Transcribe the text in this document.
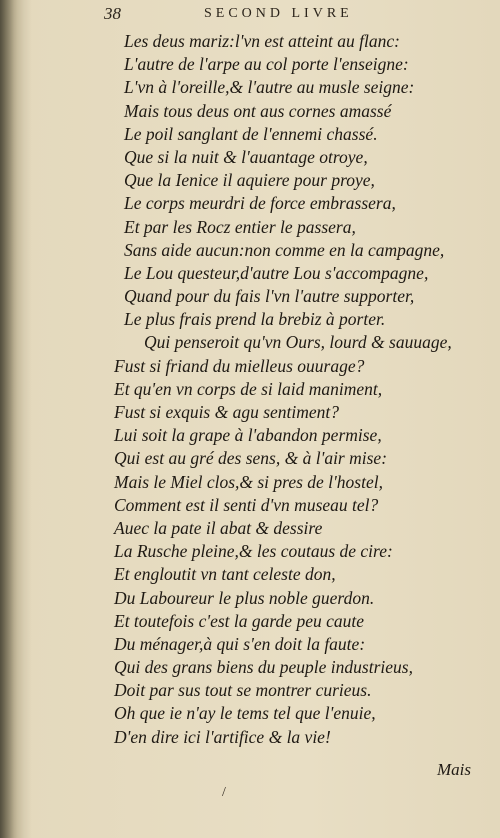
38	SECOND LIVRE
Les deus mariz:l'vn est atteint au flanc:
L'autre de l'arpe au col porte l'enseigne:
L'vn à l'oreille,& l'autre au musle seigne:
Mais tous deus ont aus cornes amassé
Le poil sanglant de l'ennemi chassé.
Que si la nuit & l'auantage otroye,
Que la Ienice il aquiere pour proye,
Le corps meurdri de force embrassera,
Et par les Rocz entier le passera,
Sans aide aucun:non comme en la campagne,
Le Lou questeur,d'autre Lou s'accompagne,
Quand pour du fais l'vn l'autre supporter,
Le plus frais prend la brebiz à porter.
Qui penseroit qu'vn Ours, lourd & sauuage,
Fust si friand du mielleus ouurage?
Et qu'en vn corps de si laid maniment,
Fust si exquis & agu sentiment?
Lui soit la grape à l'abandon permise,
Qui est au gré des sens, & à l'air mise:
Mais le Miel clos,& si pres de l'hostel,
Comment est il senti d'vn museau tel?
Auec la pate il abat & dessire
La Rusche pleine,& les coutaus de cire:
Et engloutit vn tant celeste don,
Du Laboureur le plus noble guerdon.
Et toutefois c'est la garde peu caute
Du ménager,à qui s'en doit la faute:
Qui des grans biens du peuple industrieus,
Doit par sus tout se montrer curieus.
Oh que ie n'ay le tems tel que l'enuie,
D'en dire ici l'artifice & la vie!
Mais
/
